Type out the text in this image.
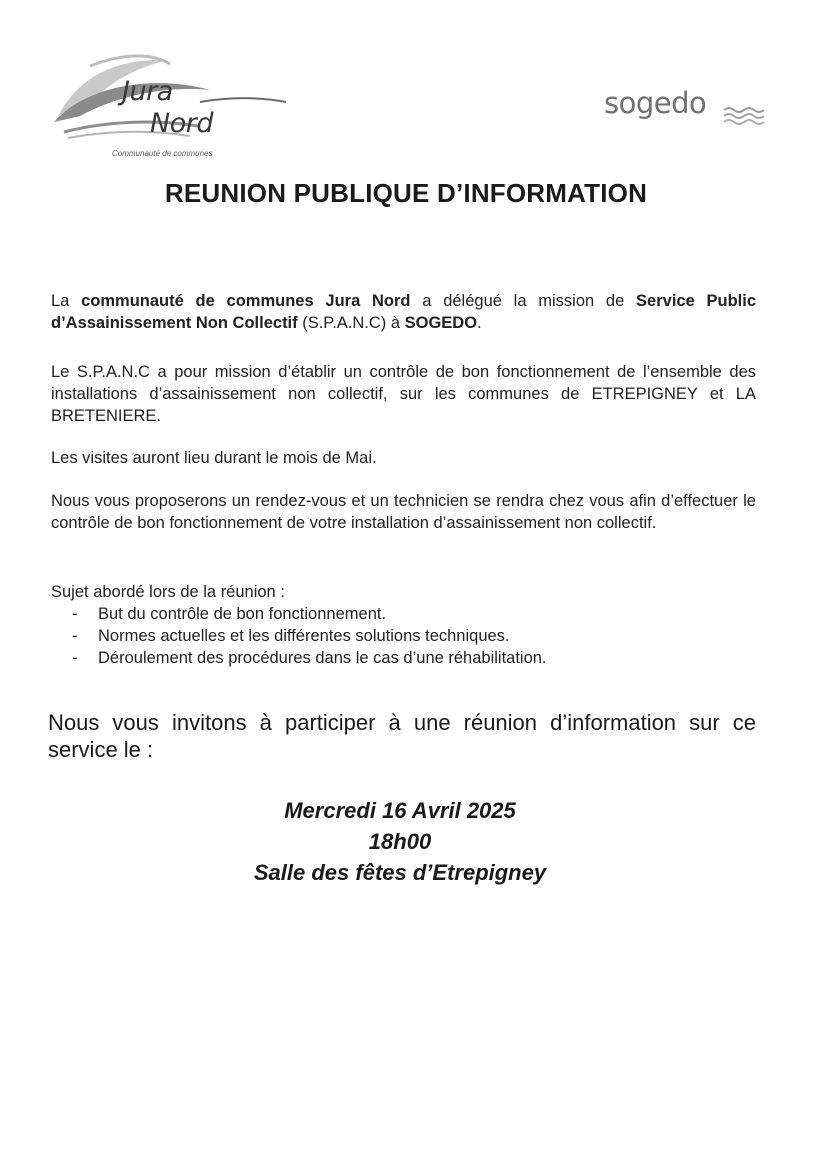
Jura
Nord
Communauté de communes
sogedo
REUNION PUBLIQUE D’INFORMATION

La communauté de communes Jura Nord a délégué la mission de Service Public d’Assainissement Non Collectif (S.P.A.N.C) à SOGEDO.

Le S.P.A.N.C a pour mission d’établir un contrôle de bon fonctionnement de l’ensemble des installations d’assainissement non collectif, sur les communes de ETREPIGNEY et LA BRETENIERE.

Les visites auront lieu durant le mois de Mai.

Nous vous proposerons un rendez-vous et un technicien se rendra chez vous afin d’effectuer le contrôle de bon fonctionnement de votre installation d’assainissement non collectif.

Sujet abordé lors de la réunion :

- But du contrôle de bon fonctionnement.
- Normes actuelles et les différentes solutions techniques.
- Déroulement des procédures dans le cas d’une réhabilitation.

Nous vous invitons à participer à une réunion d’information sur ce service le :

Mercredi 16 Avril 2025
18h00
Salle des fêtes d’Etrepigney
